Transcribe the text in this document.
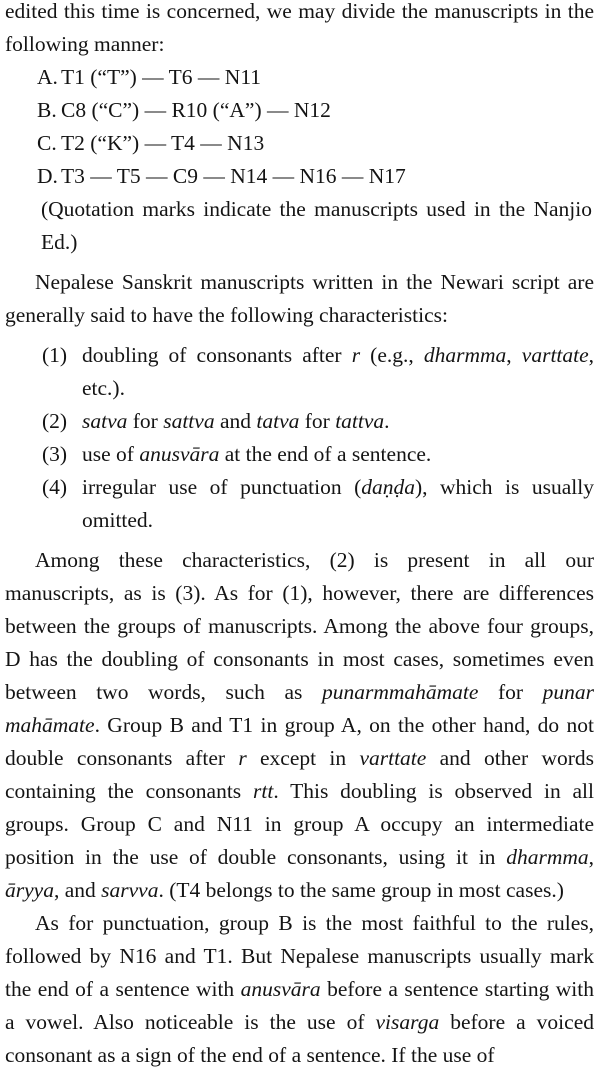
edited this time is concerned, we may divide the manuscripts in the following manner:

A. T1 (“T”) — T6 — N11
B. C8 (“C”) — R10 (“A”) — N12
C. T2 (“K”) — T4 — N13
D. T3 — T5 — C9 — N14 — N16 — N17

(Quotation marks indicate the manuscripts used in the Nanjio Ed.)

Nepalese Sanskrit manuscripts written in the Newari script are generally said to have the following characteristics:

(1) doubling of consonants after r (e.g., dharmma, varttate, etc.).
(2) satva for sattva and tatva for tattva.
(3) use of anusvāra at the end of a sentence.
(4) irregular use of punctuation (daṇḍa), which is usually omitted.

Among these characteristics, (2) is present in all our manuscripts, as is (3). As for (1), however, there are differences between the groups of manuscripts. Among the above four groups, D has the doubling of consonants in most cases, sometimes even between two words, such as punarmmahāmate for punar mahāmate. Group B and T1 in group A, on the other hand, do not double consonants after r except in varttate and other words containing the consonants rtt. This doubling is observed in all groups. Group C and N11 in group A occupy an intermediate position in the use of double consonants, using it in dharmma, āryya, and sarvva. (T4 belongs to the same group in most cases.)

As for punctuation, group B is the most faithful to the rules, followed by N16 and T1. But Nepalese manuscripts usually mark the end of a sentence with anusvāra before a sentence starting with a vowel. Also noticeable is the use of visarga before a voiced consonant as a sign of the end of a sentence. If the use of
